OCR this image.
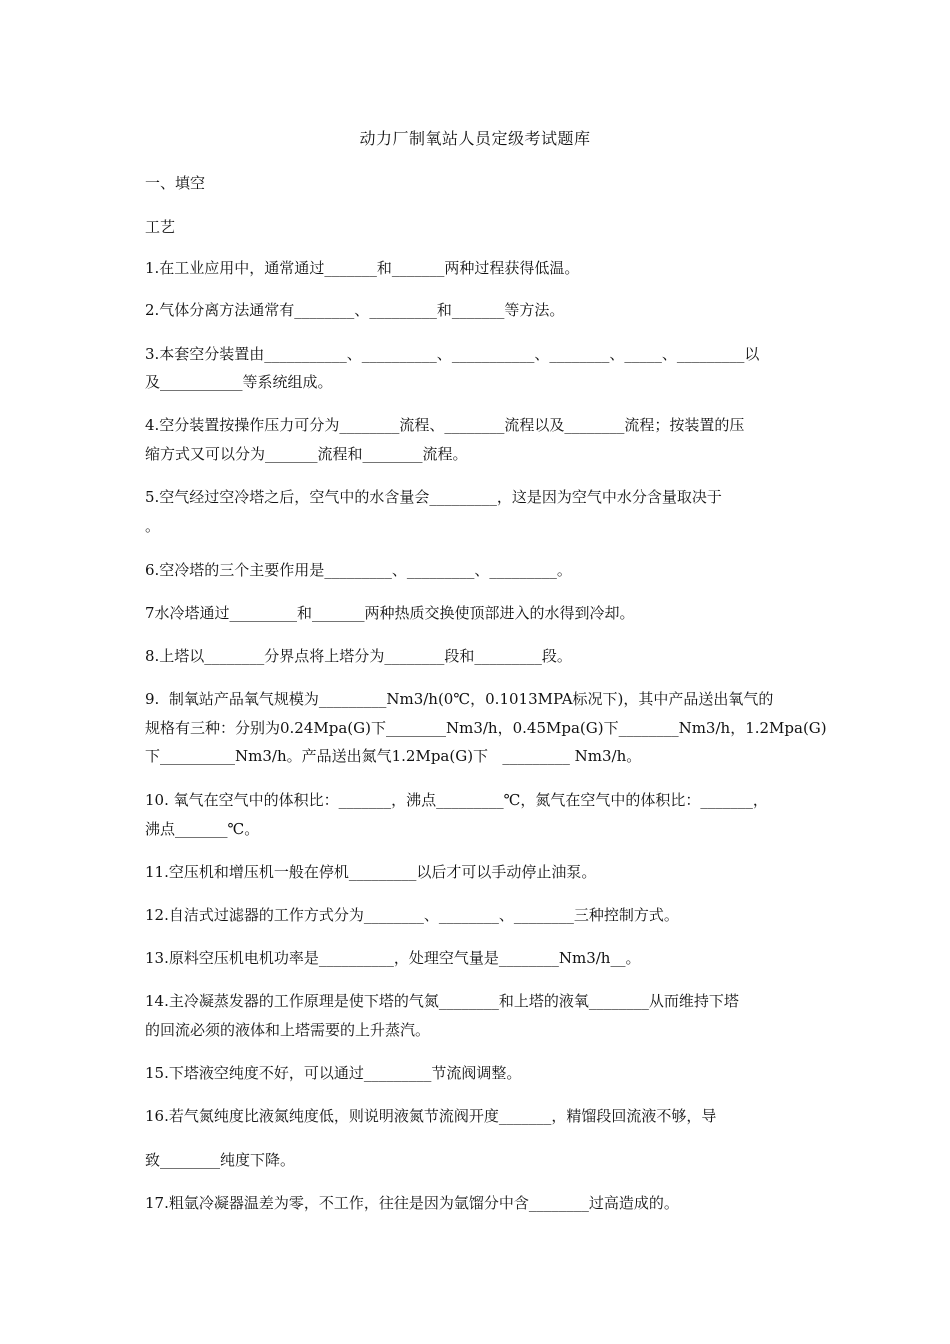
动力厂制氧站人员定级考试题库
一、填空
工艺
1.在工业应用中，通常通过_______和_______两种过程获得低温。
2.气体分离方法通常有________、_________和_______等方法。
3.本套空分装置由___________、__________、___________、________、_____、_________以
及___________等系统组成。
4.空分装置按操作压力可分为________流程、________流程以及________流程；按装置的压
缩方式又可以分为_______流程和________流程。
5.空气经过空冷塔之后，空气中的水含量会_________，这是因为空气中水分含量取决于
。
6.空冷塔的三个主要作用是_________、_________、_________。
7水冷塔通过_________和_______两种热质交换使顶部进入的水得到冷却。
8.上塔以________分界点将上塔分为________段和_________段。
9.  制氧站产品氧气规模为_________Nm3/h(0℃，0.1013MPA标况下)，其中产品送出氧气的
规格有三种：分别为0.24Mpa(G)下________Nm3/h，0.45Mpa(G)下________Nm3/h，1.2Mpa(G)
下__________Nm3/h。产品送出氮气1.2Mpa(G)下   _________ Nm3/h。
10. 氧气在空气中的体积比：_______，沸点_________℃，氮气在空气中的体积比：_______，
沸点_______℃。
11.空压机和增压机一般在停机_________以后才可以手动停止油泵。
12.自洁式过滤器的工作方式分为________、________、________三种控制方式。
13.原料空压机电机功率是__________，处理空气量是________Nm3/h__。
14.主冷凝蒸发器的工作原理是使下塔的气氮________和上塔的液氧________从而维持下塔
的回流必须的液体和上塔需要的上升蒸汽。
15.下塔液空纯度不好，可以通过_________节流阀调整。
16.若气氮纯度比液氮纯度低，则说明液氮节流阀开度_______，精馏段回流液不够，导
致________纯度下降。
17.粗氩冷凝器温差为零，不工作，往往是因为氩馏分中含________过高造成的。
